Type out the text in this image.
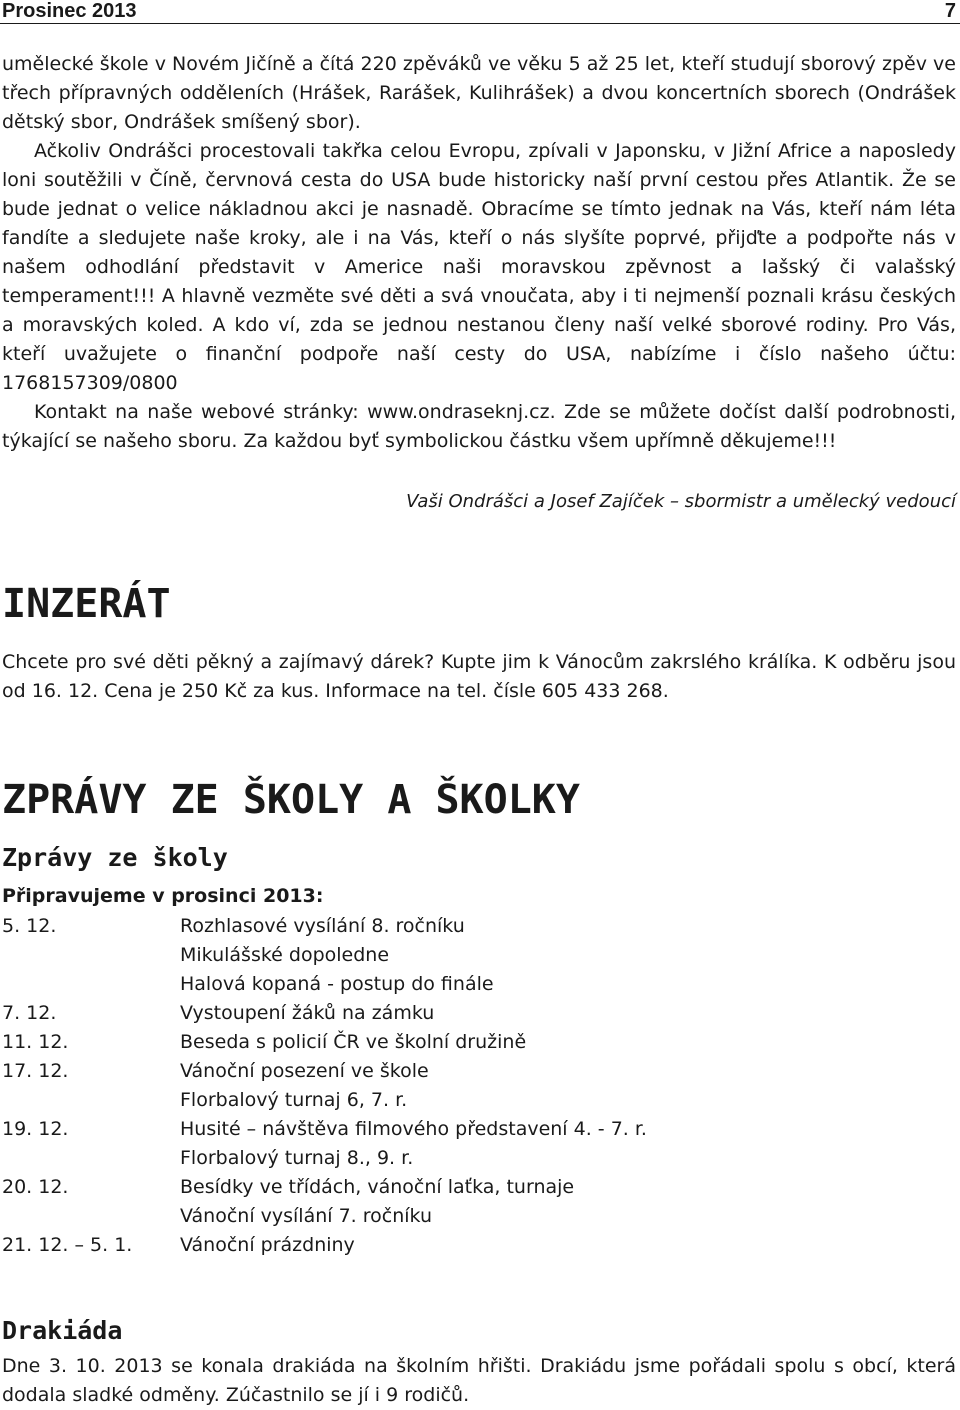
Prosinec 2013	7

umělecké škole v Novém Jičíně a čítá 220 zpěváků ve věku 5 až 25 let, kteří studují sborový zpěv ve třech přípravných odděleních (Hrášek, Rarášek, Kulihrášek) a dvou koncertních sborech (Ondrášek dětský sbor, Ondrášek smíšený sbor).

Ačkoliv Ondrášci procestovali takřka celou Evropu, zpívali v Japonsku, v Jižní Africe a naposledy loni soutěžili v Číně, červnová cesta do USA bude historicky naší první cestou přes Atlantik. Že se bude jednat o velice nákladnou akci je nasnadě. Obracíme se tímto jednak na Vás, kteří nám léta fandíte a sledujete naše kroky, ale i na Vás, kteří o nás slyšíte poprvé, přijďte a podpořte nás v našem odhodlání představit v Americe naši moravskou zpěvnost a lašský či valašský temperament!!! A hlavně vezměte své děti a svá vnoučata, aby i ti nejmenší poznali krásu českých a moravských koled. A kdo ví, zda se jednou nestanou členy naší velké sborové rodiny. Pro Vás, kteří uvažujete o finanční podpoře naší cesty do USA, nabízíme i číslo našeho účtu: 1768157309/0800

Kontakt na naše webové stránky: www.ondraseknj.cz. Zde se můžete dočíst další podrobnosti, týkající se našeho sboru. Za každou byť symbolickou částku všem upřímně děkujeme!!!

Vaši Ondrášci a Josef Zajíček – sbormistr a umělecký vedoucí
INZERÁT

Chcete pro své děti pěkný a zajímavý dárek? Kupte jim k Vánocům zakrslého králíka. K odběru jsou od 16. 12. Cena je 250 Kč za kus. Informace na tel. čísle 605 433 268.

ZPRÁVY ZE ŠKOLY A ŠKOLKY
Zprávy ze školy
Připravujeme v prosinci 2013:
5. 12.	Rozhlasové vysílání 8. ročníku
Mikulášské dopoledne
Halová kopaná - postup do finále
7. 12.	Vystoupení žáků na zámku
11. 12.	Beseda s policií ČR ve školní družině
17. 12.	Vánoční posezení ve škole
Florbalový turnaj 6, 7. r.
19. 12.	Husité – návštěva filmového představení 4. - 7. r.
Florbalový turnaj 8., 9. r.
20. 12.	Besídky ve třídách, vánoční laťka, turnaje
Vánoční vysílání 7. ročníku
21. 12. – 5. 1.	Vánoční prázdniny
Drakiáda

Dne 3. 10. 2013 se konala drakiáda na školním hřišti. Drakiádu jsme pořádali spolu s obcí, která dodala sladké odměny. Zúčastnilo se jí i 9 rodičů.
